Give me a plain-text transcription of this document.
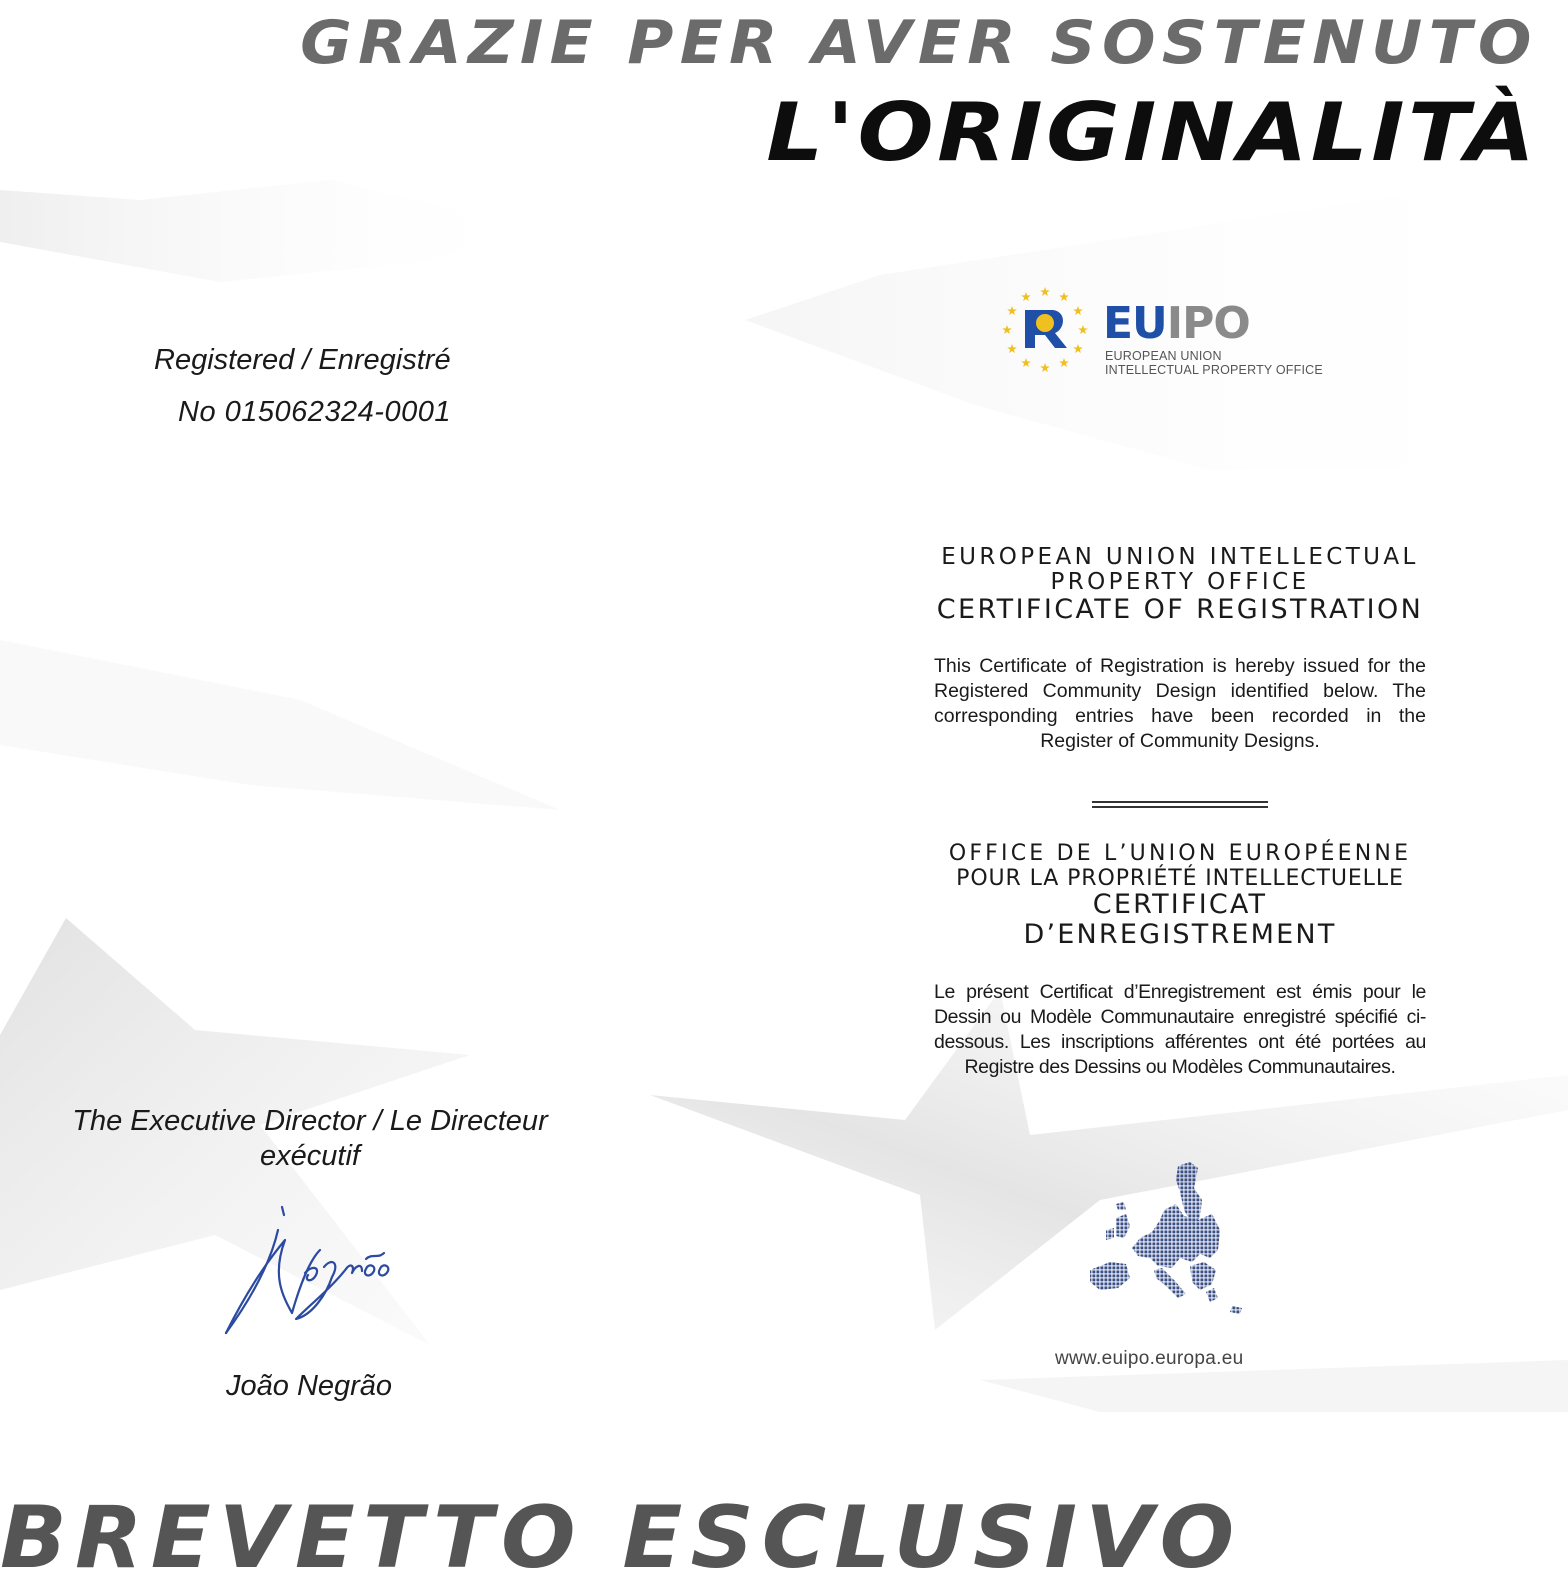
GRAZIE PER AVER SOSTENUTO
L'ORIGINALITÀ
BREVETTO ESCLUSIVO
Registered / Enregistré
No 015062324-0001
The Executive Director / Le Directeur exécutif
João Negrão
EUIPO
EUROPEAN UNION
INTELLECTUAL PROPERTY OFFICE
EUROPEAN UNION INTELLECTUAL
PROPERTY OFFICE
CERTIFICATE OF REGISTRATION

This Certificate of Registration is hereby issued for the Registered Community Design identified below. The corresponding entries have been recorded in the Register of Community Designs.

OFFICE DE L’UNION EUROPÉENNE
POUR LA PROPRIÉTÉ INTELLECTUELLE
CERTIFICAT
D’ENREGISTREMENT

Le présent Certificat d’Enregistrement est émis pour le Dessin ou Modèle Communautaire enregistré spécifié ci-dessous. Les inscriptions afférentes ont été portées au Registre des Dessins ou Modèles Communautaires.

www.euipo.europa.eu
